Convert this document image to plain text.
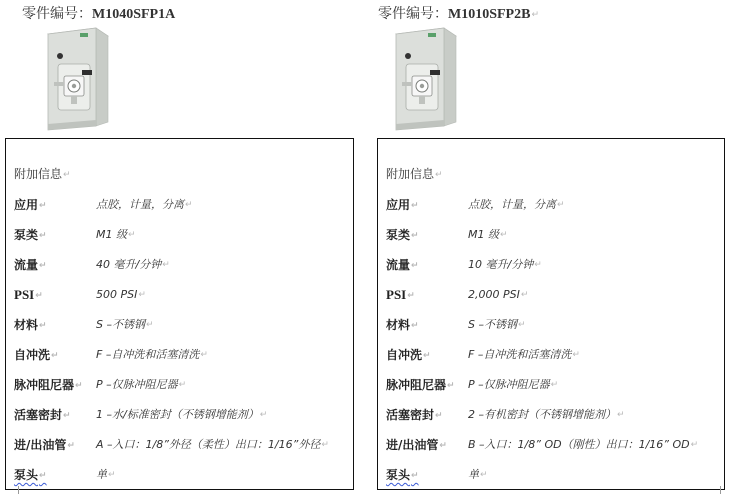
零件编号：M1040SFP1A
附加信息↵
应用↵	点胶，计量，分离↵
泵类↵	M1 级↵
流量↵	40 毫升/分钟↵
PSI↵	500 PSI↵
材料↵	S –不锈钢↵
自冲洗↵	F –自冲洗和活塞清洗↵
脉冲阻尼器↵ P –仅脉冲阻尼器↵
活塞密封↵ 1 –水/标准密封（不锈钢增能剂）↵
进/出油管↵ A –入口：1/8”外径（柔性）出口：1/16”外径↵
泵头↵	单↵
零件编号：M1010SFP2B↵
附加信息↵
应用↵	点胶，计量，分离↵
泵类↵	M1 级↵
流量↵	10 毫升/分钟↵
PSI↵	2,000 PSI↵
材料↵	S –不锈钢↵
自冲洗↵	F –自冲洗和活塞清洗↵
脉冲阻尼器↵ P –仅脉冲阻尼器↵
活塞密封↵ 2 –有机密封（不锈钢增能剂）↵
进/出油管↵ B –入口：1/8” OD（刚性）出口：1/16” OD↵
泵头↵	单↵
